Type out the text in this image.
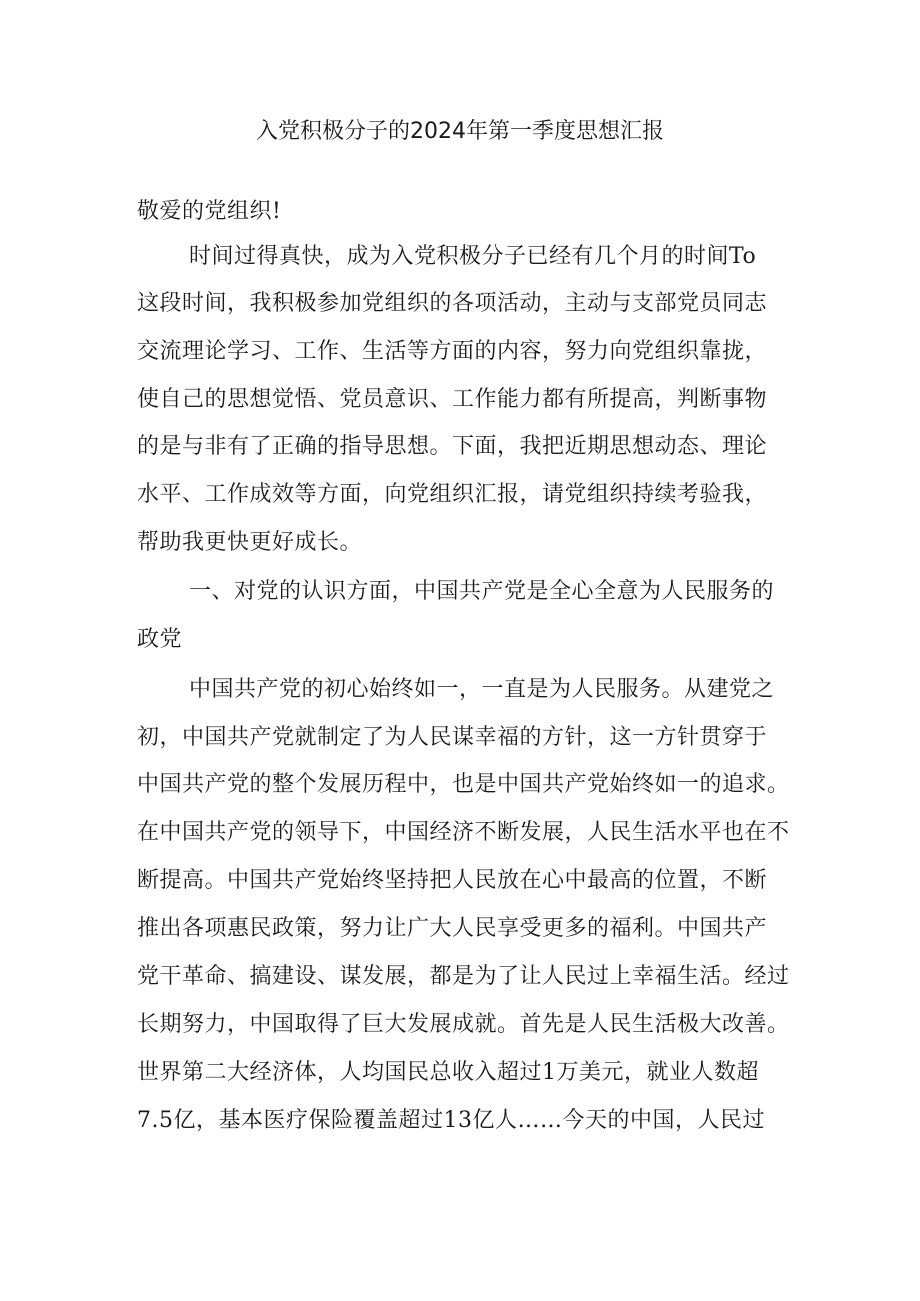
入党积极分子的2024年第一季度思想汇报
敬爱的党组织!
时间过得真快，成为入党积极分子已经有几个月的时间To
这段时间，我积极参加党组织的各项活动，主动与支部党员同志
交流理论学习、工作、生活等方面的内容，努力向党组织靠拢，
使自己的思想觉悟、党员意识、工作能力都有所提高，判断事物
的是与非有了正确的指导思想。下面，我把近期思想动态、理论
水平、工作成效等方面，向党组织汇报，请党组织持续考验我，
帮助我更快更好成长。
一、对党的认识方面，中国共产党是全心全意为人民服务的
政党
中国共产党的初心始终如一，一直是为人民服务。从建党之
初，中国共产党就制定了为人民谋幸福的方针，这一方针贯穿于
中国共产党的整个发展历程中，也是中国共产党始终如一的追求。
在中国共产党的领导下，中国经济不断发展，人民生活水平也在不
断提高。中国共产党始终坚持把人民放在心中最高的位置，不断
推出各项惠民政策，努力让广大人民享受更多的福利。中国共产
党干革命、搞建设、谋发展，都是为了让人民过上幸福生活。经过
长期努力，中国取得了巨大发展成就。首先是人民生活极大改善。
世界第二大经济体，人均国民总收入超过1万美元，就业人数超
7.5亿，基本医疗保险覆盖超过13亿人……今天的中国，人民过
